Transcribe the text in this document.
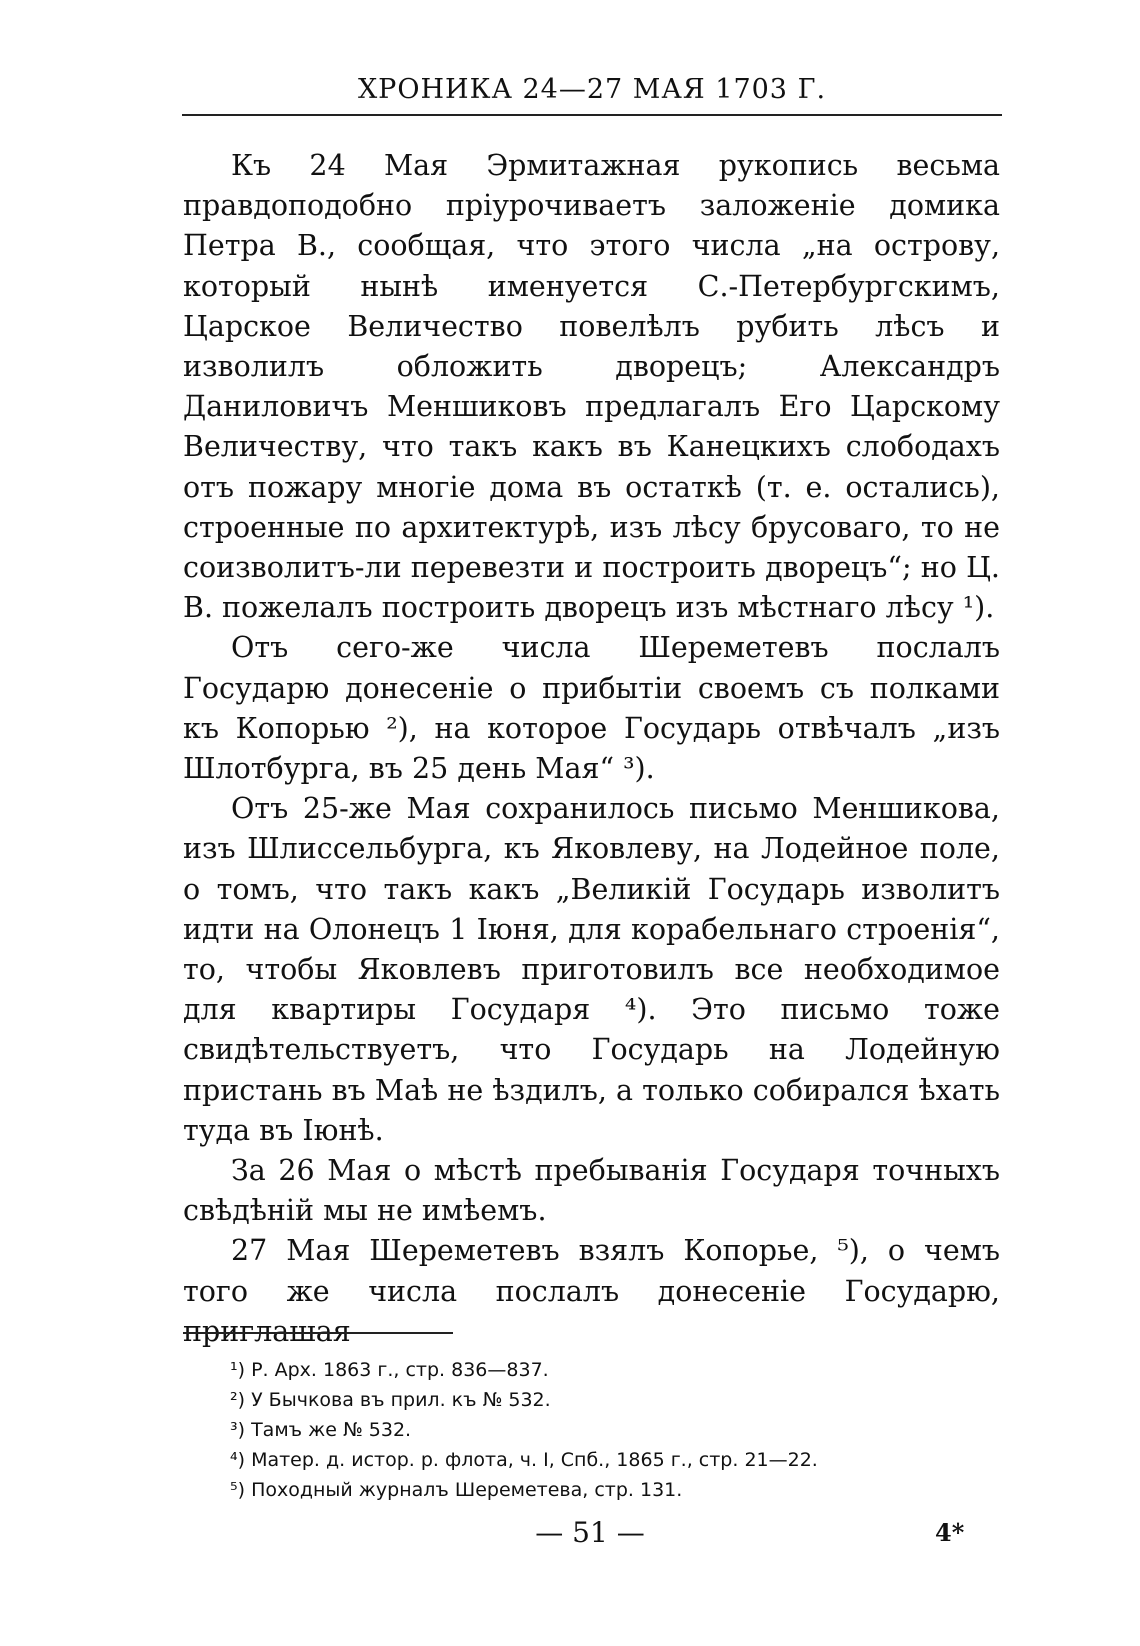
ХРОНИКА 24—27 МАЯ 1703 Г.

Къ 24 Мая Эрмитажная рукопись весьма правдоподобно пріурочиваетъ заложеніе домика Петра В., сообщая, что этого числа „на острову, который нынѣ именуется С.-Петербургскимъ, Царское Величество повелѣлъ рубить лѣсъ и изволилъ обложить дворецъ; Александръ Даниловичъ Меншиковъ предлагалъ Его Царскому Величеству, что такъ какъ въ Канецкихъ слободахъ отъ пожару многіе дома въ остаткѣ (т. е. остались), строенные по архитектурѣ, изъ лѣсу брусоваго, то не соизволитъ-ли перевезти и построить дворецъ“; но Ц. В. пожелалъ построить дворецъ изъ мѣстнаго лѣсу ¹).

Отъ сего-же числа Шереметевъ послалъ Государю донесеніе о прибытіи своемъ съ полками къ Копорью ²), на которое Государь отвѣчалъ „изъ Шлотбурга, въ 25 день Мая“ ³).

Отъ 25-же Мая сохранилось письмо Меншикова, изъ Шлиссельбурга, къ Яковлеву, на Лодейное поле, о томъ, что такъ какъ „Великій Государь изволитъ идти на Олонецъ 1 Іюня, для корабельнаго строенія“, то, чтобы Яковлевъ приготовилъ все необходимое для квартиры Государя ⁴). Это письмо тоже свидѣтельствуетъ, что Государь на Лодейную пристань въ Маѣ не ѣздилъ, а только собирался ѣхать туда въ Іюнѣ.

За 26 Мая о мѣстѣ пребыванія Государя точныхъ свѣдѣній мы не имѣемъ.

27 Мая Шереметевъ взялъ Копорье, ⁵), о чемъ того же числа послалъ донесеніе Государю, приглашая

¹) Р. Арх. 1863 г., стр. 836—837.
²) У Бычкова въ прил. къ № 532.
³) Тамъ же № 532.
⁴) Матер. д. истор. р. флота, ч. I, Спб., 1865 г., стр. 21—22.
⁵) Походный журналъ Шереметева, стр. 131.
— 51 —	4*
